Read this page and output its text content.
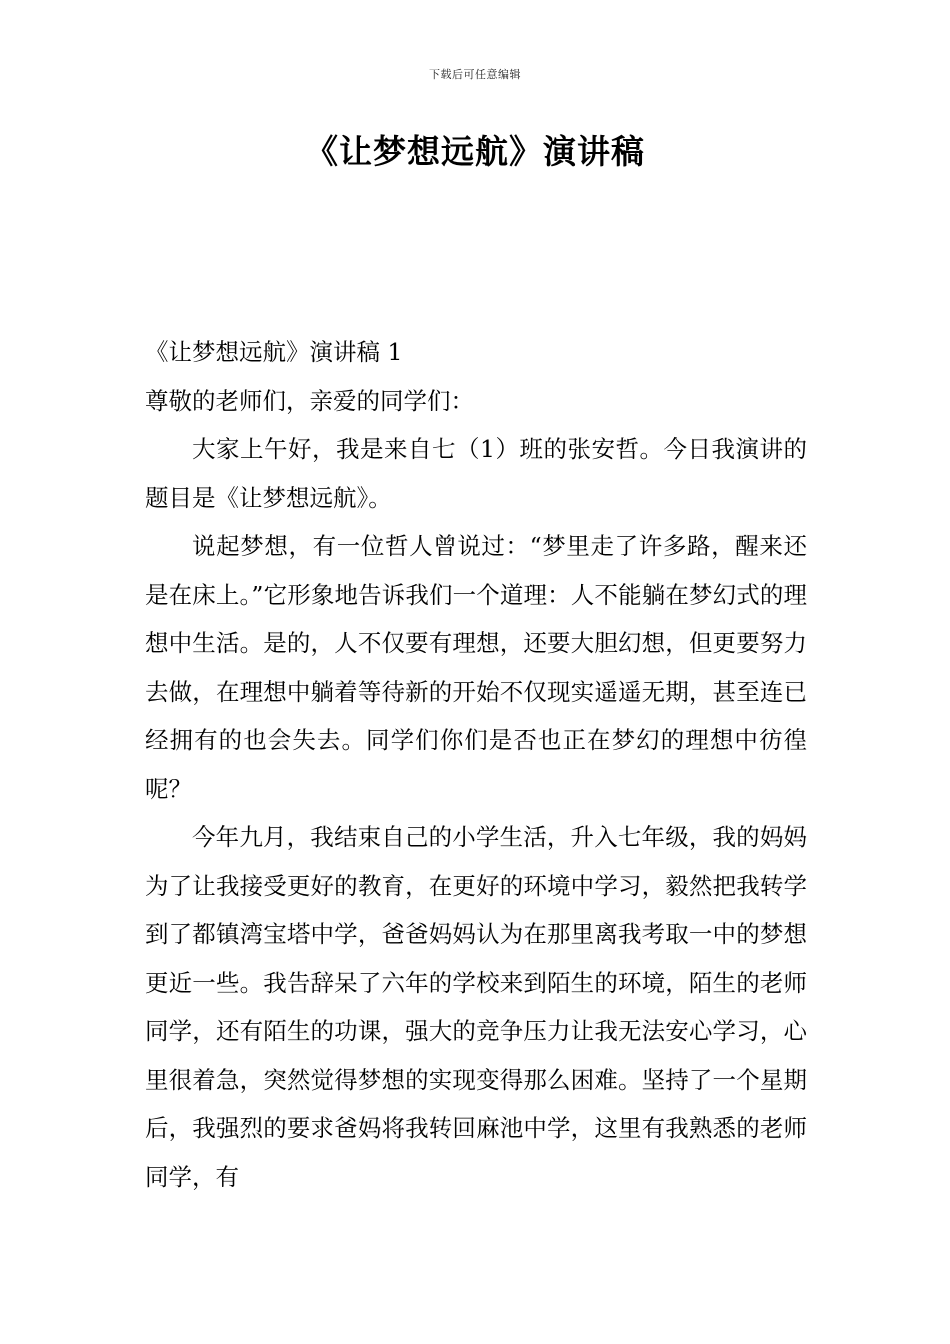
下载后可任意编辑
《让梦想远航》演讲稿

《让梦想远航》演讲稿 1

尊敬的老师们，亲爱的同学们：

大家上午好，我是来自七（1）班的张安哲。今日我演讲的题目是《让梦想远航》。

说起梦想，有一位哲人曾说过：“梦里走了许多路，醒来还是在床上。”它形象地告诉我们一个道理：人不能躺在梦幻式的理想中生活。是的，人不仅要有理想，还要大胆幻想，但更要努力去做，在理想中躺着等待新的开始不仅现实遥遥无期，甚至连已经拥有的也会失去。同学们你们是否也正在梦幻的理想中彷徨呢？

今年九月，我结束自己的小学生活，升入七年级，我的妈妈为了让我接受更好的教育，在更好的环境中学习，毅然把我转学到了都镇湾宝塔中学，爸爸妈妈认为在那里离我考取一中的梦想更近一些。我告辞呆了六年的学校来到陌生的环境，陌生的老师同学，还有陌生的功课，强大的竞争压力让我无法安心学习，心里很着急，突然觉得梦想的实现变得那么困难。坚持了一个星期后，我强烈的要求爸妈将我转回麻池中学，这里有我熟悉的老师同学，有
